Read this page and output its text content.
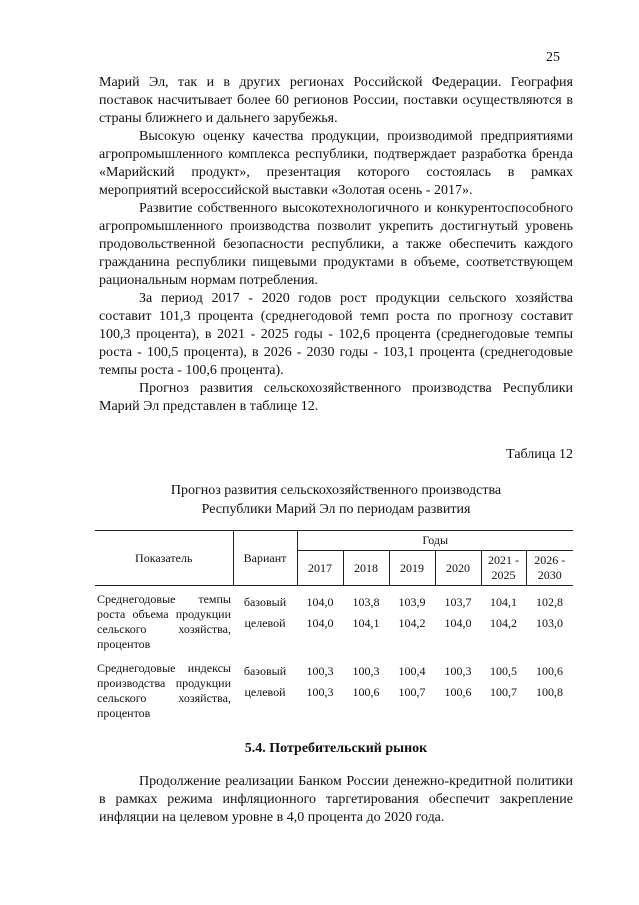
25

Марий Эл, так и в других регионах Российской Федерации. География поставок насчитывает более 60 регионов России, поставки осуществляются в страны ближнего и дальнего зарубежья.

Высокую оценку качества продукции, производимой предприятиями агропромышленного комплекса республики, подтверждает разработка бренда «Марийский продукт», презентация которого состоялась в рамках мероприятий всероссийской выставки «Золотая осень - 2017».

Развитие собственного высокотехнологичного и конкурентоспособного агропромышленного производства позволит укрепить достигнутый уровень продовольственной безопасности республики, а также обеспечить каждого гражданина республики пищевыми продуктами в объеме, соответствующем рациональным нормам потребления.

За период 2017 - 2020 годов рост продукции сельского хозяйства составит 101,3 процента (среднегодовой темп роста по прогнозу составит 100,3 процента), в 2021 - 2025 годы - 102,6 процента (среднегодовые темпы роста - 100,5 процента), в 2026 - 2030 годы - 103,1 процента (среднегодовые темпы роста - 100,6 процента).

Прогноз развития сельскохозяйственного производства Республики Марий Эл представлен в таблице 12.

Таблица 12
Прогноз развития сельскохозяйственного производства
Республики Марий Эл по периодам развития
Показатель	Вариант	Годы					
		2017	2018	2019	2020	2021 - 2025	2026 - 2030

Среднегодовые темпы роста объема продукции сельского хозяйства, процентов	базовый	104,0	103,8	103,9	103,7	104,1	102,8
	целевой	104,0	104,1	104,2	104,0	104,2	103,0

Среднегодовые индексы производства продукции сельского хозяйства, процентов	базовый	100,3	100,3	100,4	100,3	100,5	100,6
	целевой	100,3	100,6	100,7	100,6	100,7	100,8
5.4. Потребительский рынок

Продолжение реализации Банком России денежно-кредитной политики в рамках режима инфляционного таргетирования обеспечит закрепление инфляции на целевом уровне в 4,0 процента до 2020 года.
